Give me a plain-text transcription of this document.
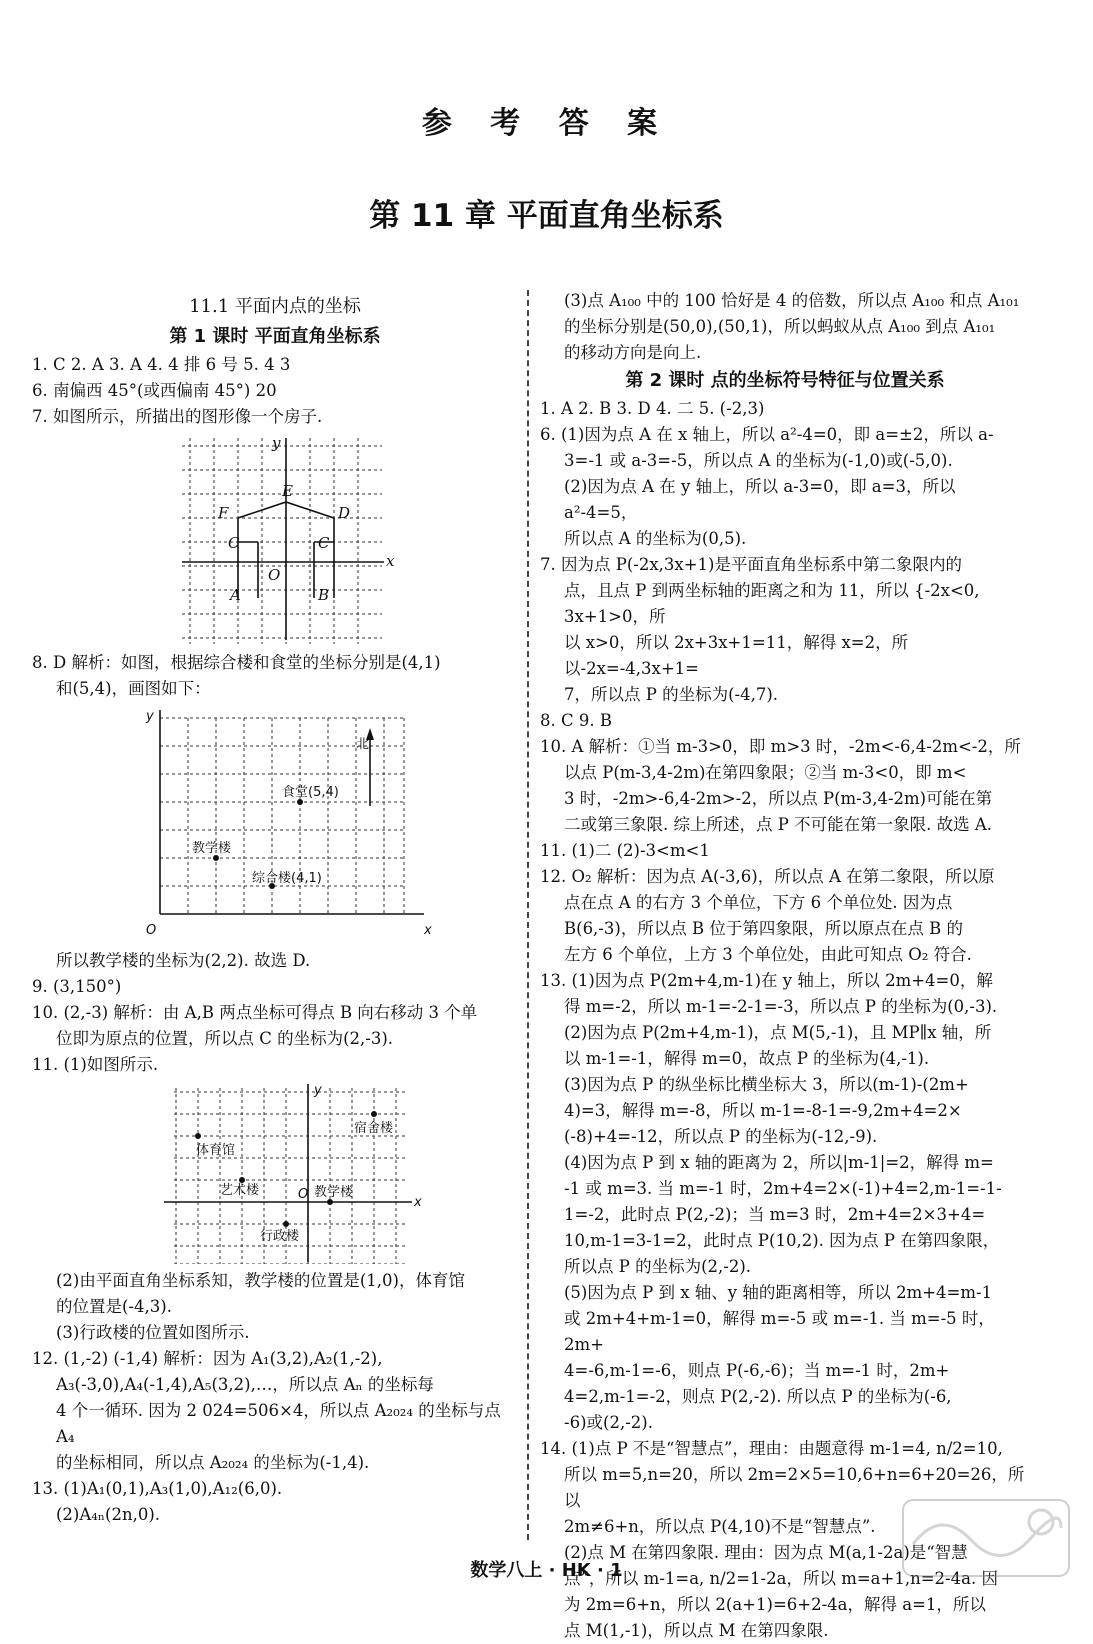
参 考 答 案
第 11 章 平面直角坐标系
11.1 平面内点的坐标
第 1 课时 平面直角坐标系

1. C 2. A 3. A 4. 4 排 6 号 5. 4 3

6. 南偏西 45°(或西偏南 45°) 20

7. 如图所示，所描出的图形像一个房子.

y
x
O
E
F	D
C	C
A	B

8. D 解析：如图，根据综合楼和食堂的坐标分别是(4,1)

和(5,4)，画图如下：

y
x
O
北
食堂(5,4)
教学楼
综合楼(4,1)

所以教学楼的坐标为(2,2). 故选 D.

9. (3,150°)

10. (2,-3) 解析：由 A,B 两点坐标可得点 B 向右移动 3 个单

位即为原点的位置，所以点 C 的坐标为(2,-3).

11. (1)如图所示.

y
x
O
宿舍楼
体育馆
艺术楼	教学楼
行政楼

(2)由平面直角坐标系知，教学楼的位置是(1,0)，体育馆

的位置是(-4,3).

(3)行政楼的位置如图所示.

12. (1,-2) (-1,4) 解析：因为 A₁(3,2),A₂(1,-2),

A₃(-3,0),A₄(-1,4),A₅(3,2),…，所以点 Aₙ 的坐标每

4 个一循环. 因为 2 024=506×4，所以点 A₂₀₂₄ 的坐标与点 A₄

的坐标相同，所以点 A₂₀₂₄ 的坐标为(-1,4).

13. (1)A₁(0,1),A₃(1,0),A₁₂(6,0).

(2)A₄ₙ(2n,0).

(3)点 A₁₀₀ 中的 100 恰好是 4 的倍数，所以点 A₁₀₀ 和点 A₁₀₁

的坐标分别是(50,0),(50,1)，所以蚂蚁从点 A₁₀₀ 到点 A₁₀₁

的移动方向是向上.

第 2 课时 点的坐标符号特征与位置关系

1. A 2. B 3. D 4. 二 5. (-2,3)

6. (1)因为点 A 在 x 轴上，所以 a²-4=0，即 a=±2，所以 a-

3=-1 或 a-3=-5，所以点 A 的坐标为(-1,0)或(-5,0).

(2)因为点 A 在 y 轴上，所以 a-3=0，即 a=3，所以 a²-4=5，

所以点 A 的坐标为(0,5).

7. 因为点 P(-2x,3x+1)是平面直角坐标系中第二象限内的

点，且点 P 到两坐标轴的距离之和为 11，所以 {-2x<0, 3x+1>0，所

以 x>0，所以 2x+3x+1=11，解得 x=2，所以-2x=-4,3x+1=

7，所以点 P 的坐标为(-4,7).

8. C 9. B

10. A 解析：①当 m-3>0，即 m>3 时，-2m<-6,4-2m<-2，所

以点 P(m-3,4-2m)在第四象限；②当 m-3<0，即 m<

3 时，-2m>-6,4-2m>-2，所以点 P(m-3,4-2m)可能在第

二或第三象限. 综上所述，点 P 不可能在第一象限. 故选 A.

11. (1)二 (2)-3<m<1

12. O₂ 解析：因为点 A(-3,6)，所以点 A 在第二象限，所以原

点在点 A 的右方 3 个单位，下方 6 个单位处. 因为点

B(6,-3)，所以点 B 位于第四象限，所以原点在点 B 的

左方 6 个单位，上方 3 个单位处，由此可知点 O₂ 符合.

13. (1)因为点 P(2m+4,m-1)在 y 轴上，所以 2m+4=0，解

得 m=-2，所以 m-1=-2-1=-3，所以点 P 的坐标为(0,-3).

(2)因为点 P(2m+4,m-1)，点 M(5,-1)，且 MP∥x 轴，所

以 m-1=-1，解得 m=0，故点 P 的坐标为(4,-1).

(3)因为点 P 的纵坐标比横坐标大 3，所以(m-1)-(2m+

4)=3，解得 m=-8，所以 m-1=-8-1=-9,2m+4=2×

(-8)+4=-12，所以点 P 的坐标为(-12,-9).

(4)因为点 P 到 x 轴的距离为 2，所以|m-1|=2，解得 m=

-1 或 m=3. 当 m=-1 时，2m+4=2×(-1)+4=2,m-1=-1-

1=-2，此时点 P(2,-2)；当 m=3 时，2m+4=2×3+4=

10,m-1=3-1=2，此时点 P(10,2). 因为点 P 在第四象限，

所以点 P 的坐标为(2,-2).

(5)因为点 P 到 x 轴、y 轴的距离相等，所以 2m+4=m-1

或 2m+4+m-1=0，解得 m=-5 或 m=-1. 当 m=-5 时，2m+

4=-6,m-1=-6，则点 P(-6,-6)；当 m=-1 时，2m+

4=2,m-1=-2，则点 P(2,-2). 所以点 P 的坐标为(-6,

-6)或(2,-2).

14. (1)点 P 不是“智慧点”，理由：由题意得 m-1=4, n/2=10,

所以 m=5,n=20，所以 2m=2×5=10,6+n=6+20=26，所以

2m≠6+n，所以点 P(4,10)不是“智慧点”.

(2)点 M 在第四象限. 理由：因为点 M(a,1-2a)是“智慧

点”，所以 m-1=a, n/2=1-2a，所以 m=a+1,n=2-4a. 因

为 2m=6+n，所以 2(a+1)=6+2-4a，解得 a=1，所以

点 M(1,-1)，所以点 M 在第四象限.

数学八上 · HK · 1
